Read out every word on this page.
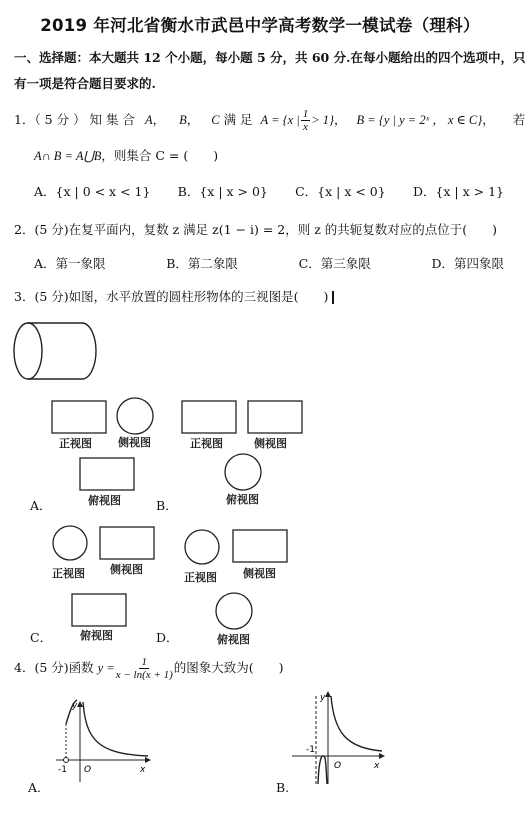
2019 年河北省衡水市武邑中学高考数学一模试卷（理科）
一、选择题：本大题共 12 个小题，每小题 5 分，共 60 分.在每小题给出的四个选项中，只
有一项是符合题目要求的.
1．（ 5 分 ） 知 集 合 A， B， C 满 足 A = {x | $\frac{1}{x} > 1$}， B = {y | y = 2ˣ ， x ∈ C}， 若
A∩ B = A⋃B，则集合 C = (　　)
A．{x | 0 < x < 1} B．{x | x > 0} C．{x | x < 0} D．{x | x > 1}
2．(5 分)在复平面内，复数 z 满足 z(1 − i) = 2，则 z 的共轭复数对应的点位于(　　)
A．第一象限	B．第二象限	C．第三象限	D．第四象限
3．(5 分)如图，水平放置的圆柱形物体的三视图是(　　)
正视图 侧视图
俯视图
正视图	侧视图
俯视图
正视图 侧视图
俯视图
正视图 侧视图
俯视图
A．	B．
C．	D．
4．(5 分)函数 $y = \frac{1}{x - \ln(x + 1)}$ 的图象大致为(　　)
y
x
O
-1
A.
y
x
O
-1
B.
